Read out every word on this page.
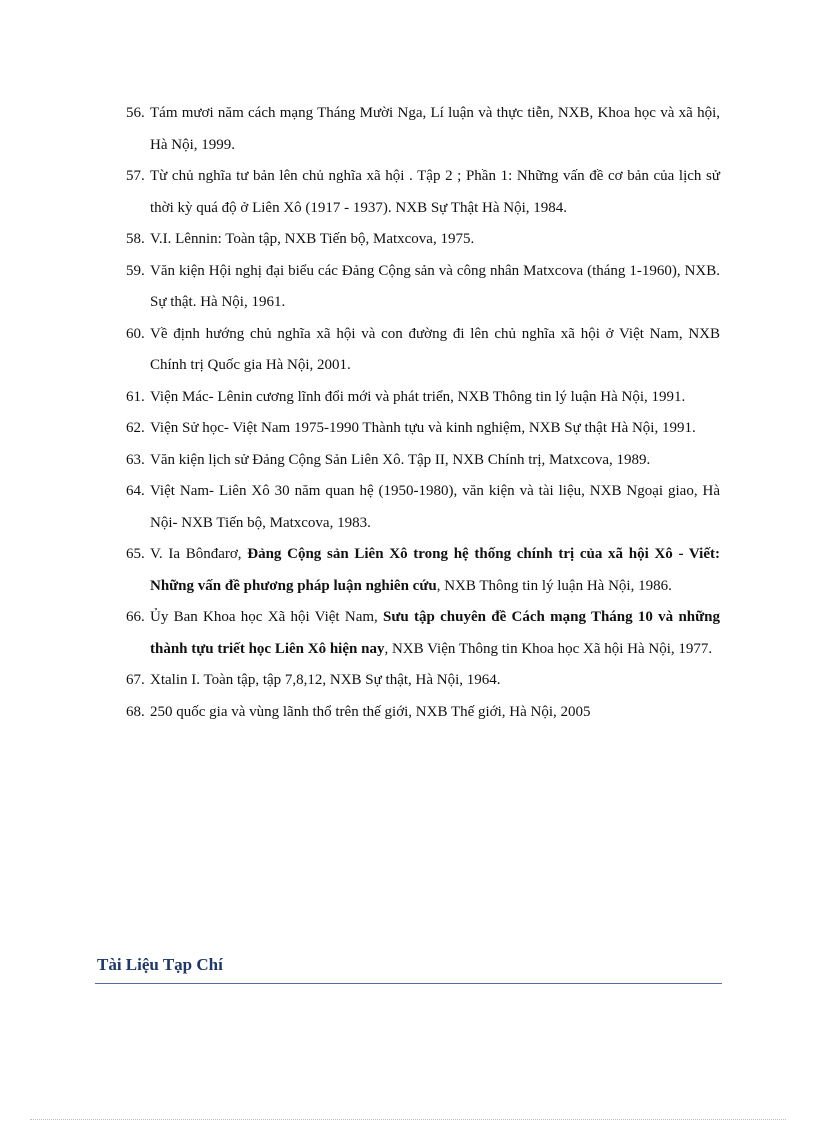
56. Tám mươi năm cách mạng Tháng Mười Nga, Lí luận và thực tiễn, NXB, Khoa học và xã hội, Hà Nội, 1999.
57. Từ chủ nghĩa tư bản lên chủ nghĩa xã hội . Tập 2 ; Phần 1: Những vấn đề cơ bản của lịch sử thời kỳ quá độ ở Liên Xô (1917 - 1937). NXB Sự Thật Hà Nội, 1984.
58. V.I. Lênnin: Toàn tập, NXB Tiến bộ, Matxcova, 1975.
59. Văn kiện Hội nghị đại biểu các Đảng Cộng sản và công nhân Matxcova (tháng 1-1960), NXB. Sự thật. Hà Nội, 1961.
60. Về định hướng chủ nghĩa xã hội và con đường đi lên chủ nghĩa xã hội ở Việt Nam, NXB Chính trị Quốc gia Hà Nội, 2001.
61. Viện Mác- Lênin cương lĩnh đổi mới và phát triển, NXB Thông tin lý luận Hà Nội, 1991.
62. Viện Sử học- Việt Nam 1975-1990 Thành tựu và kinh nghiệm, NXB Sự thật Hà Nội, 1991.
63. Văn kiện lịch sử Đảng Cộng Sản Liên Xô. Tập II, NXB Chính trị, Matxcova, 1989.
64. Việt Nam- Liên Xô 30 năm quan hệ (1950-1980), văn kiện và tài liệu, NXB Ngoại giao, Hà Nội- NXB Tiến bộ, Matxcova, 1983.
65. V. Ia Bônđarơ, Đảng Cộng sản Liên Xô trong hệ thống chính trị của xã hội Xô - Viết: Những vấn đề phương pháp luận nghiên cứu, NXB Thông tin lý luận Hà Nội, 1986.
66. Ủy Ban Khoa học Xã hội Việt Nam, Sưu tập chuyên đề Cách mạng Tháng 10 và những thành tựu triết học Liên Xô hiện nay, NXB Viện Thông tin Khoa học Xã hội Hà Nội, 1977.
67. Xtalin I. Toàn tập, tập 7,8,12, NXB Sự thật, Hà Nội, 1964.
68. 250 quốc gia và vùng lãnh thổ trên thế giới, NXB Thế giới, Hà Nội, 2005
Tài Liệu Tạp Chí
